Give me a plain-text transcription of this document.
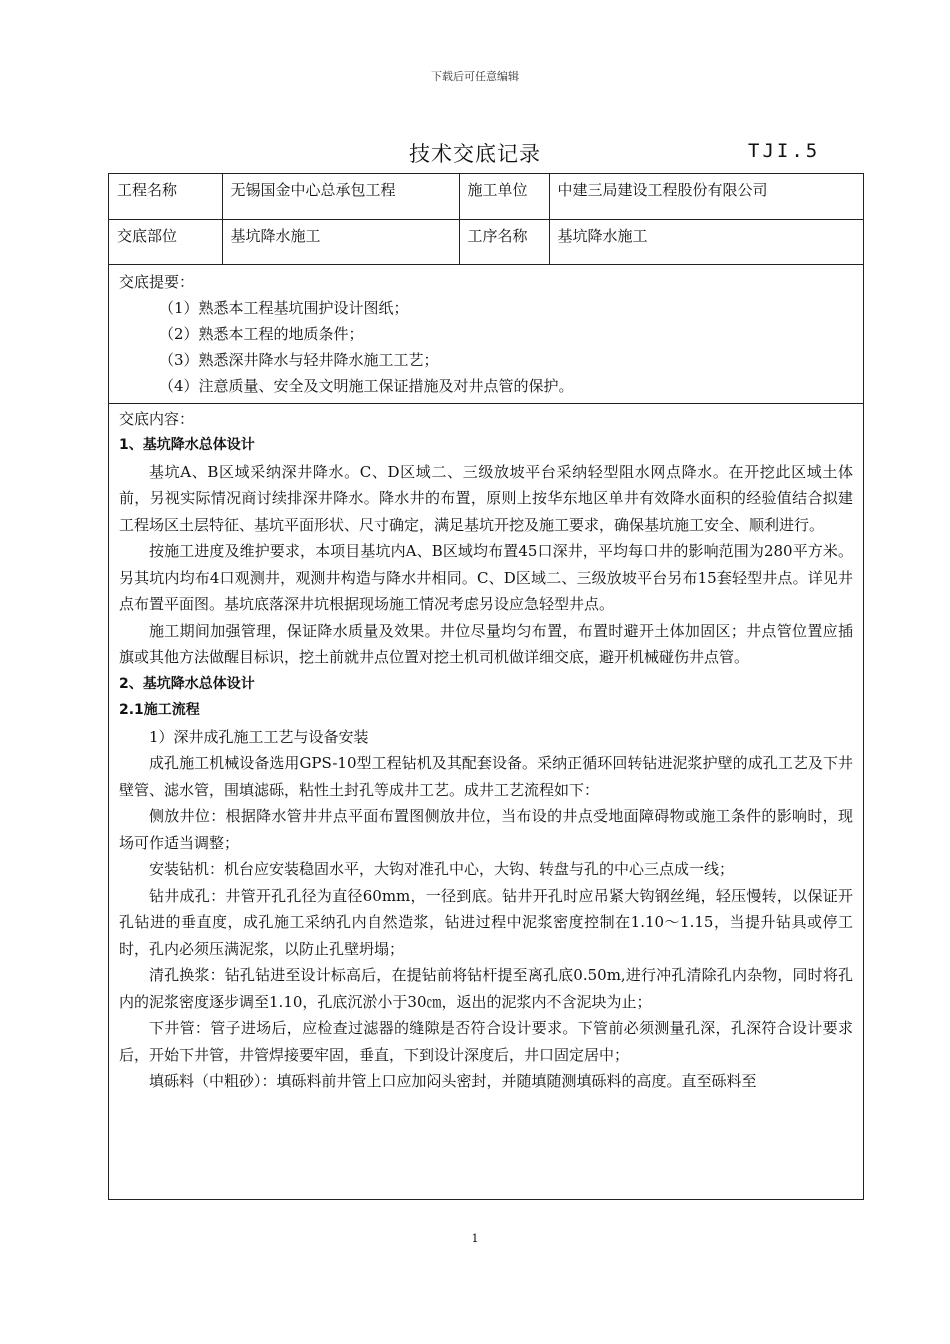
下载后可任意编辑
技术交底记录	TJI.5
工程名称	无锡国金中心总承包工程	施工单位	中建三局建设工程股份有限公司
交底部位	基坑降水施工	工序名称	基坑降水施工
交底提要：
（1）熟悉本工程基坑围护设计图纸；
（2）熟悉本工程的地质条件；
（3）熟悉深井降水与轻井降水施工工艺；
（4）注意质量、安全及文明施工保证措施及对井点管的保护。

交底内容：

1、基坑降水总体设计

基坑A、B区域采纳深井降水。C、D区域二、三级放坡平台采纳轻型阻水网点降水。在开挖此区域土体前，另视实际情况商讨续排深井降水。降水井的布置，原则上按华东地区单井有效降水面积的经验值结合拟建工程场区土层特征、基坑平面形状、尺寸确定，满足基坑开挖及施工要求，确保基坑施工安全、顺利进行。

按施工进度及维护要求，本项目基坑内A、B区域均布置45口深井，平均每口井的影响范围为280平方米。另其坑内均布4口观测井，观测井构造与降水井相同。C、D区域二、三级放坡平台另布15套轻型井点。详见井点布置平面图。基坑底落深井坑根据现场施工情况考虑另设应急轻型井点。

施工期间加强管理，保证降水质量及效果。井位尽量均匀布置，布置时避开土体加固区；井点管位置应插旗或其他方法做醒目标识，挖土前就井点位置对挖土机司机做详细交底，避开机械碰伤井点管。

2、基坑降水总体设计

2.1施工流程

1）深井成孔施工工艺与设备安装

成孔施工机械设备选用GPS-10型工程钻机及其配套设备。采纳正循环回转钻进泥浆护壁的成孔工艺及下井壁管、滤水管，围填滤砾，粘性土封孔等成井工艺。成井工艺流程如下：

侧放井位：根据降水管井井点平面布置图侧放井位，当布设的井点受地面障碍物或施工条件的影响时，现场可作适当调整；

安装钻机：机台应安装稳固水平，大钩对准孔中心，大钩、转盘与孔的中心三点成一线；

钻井成孔：井管开孔孔径为直径60mm，一径到底。钻井开孔时应吊紧大钩钢丝绳，轻压慢转，以保证开孔钻进的垂直度，成孔施工采纳孔内自然造浆，钻进过程中泥浆密度控制在1.10～1.15，当提升钻具或停工时，孔内必须压满泥浆，以防止孔壁坍塌；

清孔换浆：钻孔钻进至设计标高后，在提钻前将钻杆提至离孔底0.50m,进行冲孔清除孔内杂物，同时将孔内的泥浆密度逐步调至1.10，孔底沉淤小于30㎝，返出的泥浆内不含泥块为止；

下井管：管子进场后，应检查过滤器的缝隙是否符合设计要求。下管前必须测量孔深，孔深符合设计要求后，开始下井管，井管焊接要牢固，垂直，下到设计深度后，井口固定居中；

填砾料（中粗砂）：填砾料前井管上口应加闷头密封，并随填随测填砾料的高度。直至砾料至

1
